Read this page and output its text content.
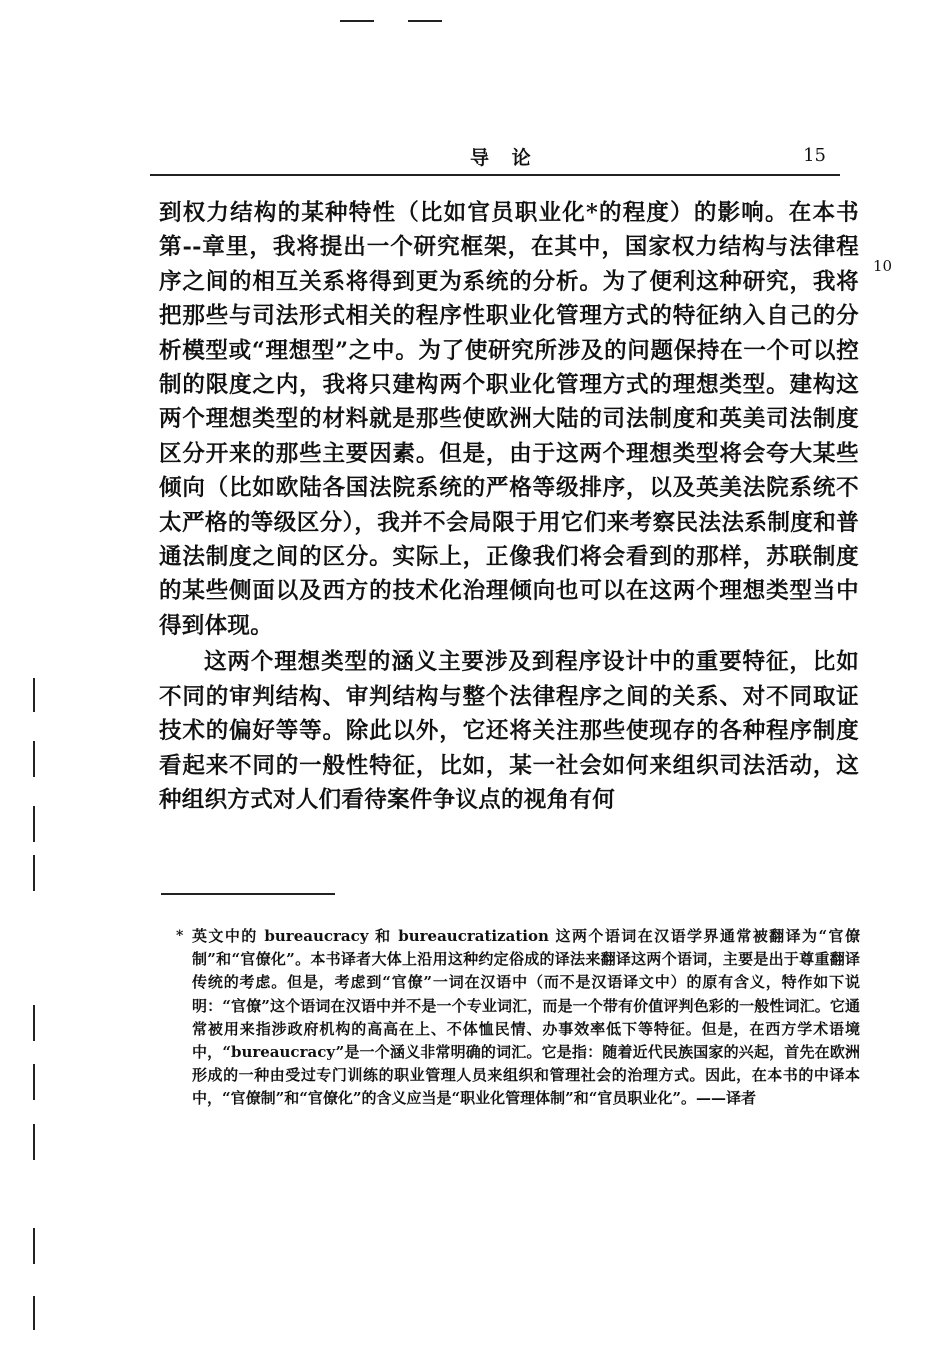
导 论	15
10

到权力结构的某种特性（比如官员职业化*的程度）的影响。在本书第--章里，我将提出一个研究框架，在其中，国家权力结构与法律程序之间的相互关系将得到更为系统的分析。为了便利这种研究，我将把那些与司法形式相关的程序性职业化管理方式的特征纳入自己的分析模型或“理想型”之中。为了使研究所涉及的问题保持在一个可以控制的限度之内，我将只建构两个职业化管理方式的理想类型。建构这两个理想类型的材料就是那些使欧洲大陆的司法制度和英美司法制度区分开来的那些主要因素。但是，由于这两个理想类型将会夸大某些倾向（比如欧陆各国法院系统的严格等级排序，以及英美法院系统不太严格的等级区分），我并不会局限于用它们来考察民法法系制度和普通法制度之间的区分。实际上，正像我们将会看到的那样，苏联制度的某些侧面以及西方的技术化治理倾向也可以在这两个理想类型当中得到体现。

这两个理想类型的涵义主要涉及到程序设计中的重要特征，比如不同的审判结构、审判结构与整个法律程序之间的关系、对不同取证技术的偏好等等。除此以外，它还将关注那些使现存的各种程序制度看起来不同的一般性特征，比如，某一社会如何来组织司法活动，这种组织方式对人们看待案件争议点的视角有何

* 英文中的 bureaucracy 和 bureaucratization 这两个语词在汉语学界通常被翻译为“官僚制”和“官僚化”。本书译者大体上沿用这种约定俗成的译法来翻译这两个语词，主要是出于尊重翻译传统的考虑。但是，考虑到“官僚”一词在汉语中（而不是汉语译文中）的原有含义，特作如下说明：“官僚”这个语词在汉语中并不是一个专业词汇，而是一个带有价值评判色彩的一般性词汇。它通常被用来指涉政府机构的高高在上、不体恤民情、办事效率低下等特征。但是，在西方学术语境中，“bureaucracy”是一个涵义非常明确的词汇。它是指：随着近代民族国家的兴起，首先在欧洲形成的一种由受过专门训练的职业管理人员来组织和管理社会的治理方式。因此，在本书的中译本中，“官僚制”和“官僚化”的含义应当是“职业化管理体制”和“官员职业化”。——译者
